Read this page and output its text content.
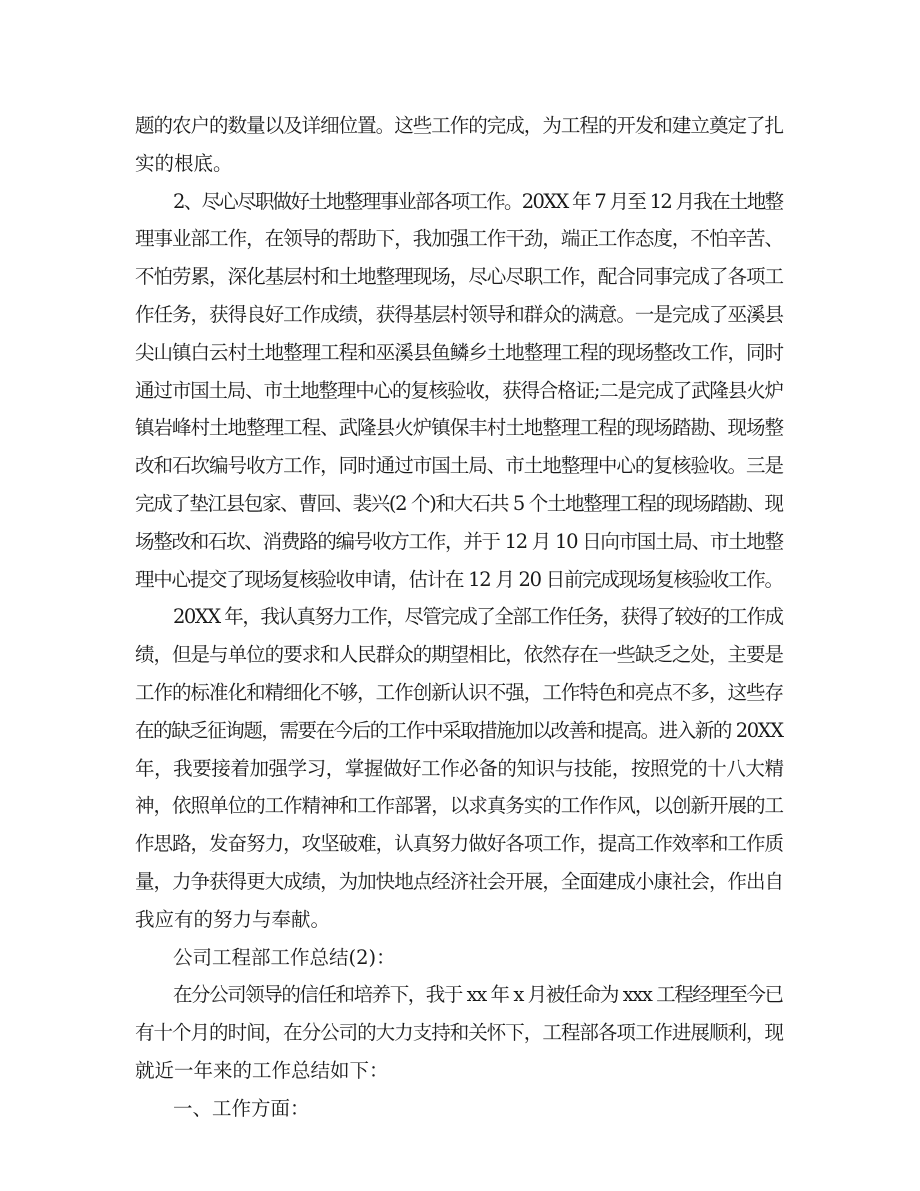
题的农户的数量以及详细位置。这些工作的完成，为工程的开发和建立奠定了扎
实的根底。
2、尽心尽职做好土地整理事业部各项工作。20XX 年 7 月至 12 月我在土地整
理事业部工作，在领导的帮助下，我加强工作干劲，端正工作态度，不怕辛苦、
不怕劳累，深化基层村和土地整理现场，尽心尽职工作，配合同事完成了各项工
作任务，获得良好工作成绩，获得基层村领导和群众的满意。一是完成了巫溪县
尖山镇白云村土地整理工程和巫溪县鱼鳞乡土地整理工程的现场整改工作，同时
通过市国土局、市土地整理中心的复核验收，获得合格证;二是完成了武隆县火炉
镇岩峰村土地整理工程、武隆县火炉镇保丰村土地整理工程的现场踏勘、现场整
改和石坎编号收方工作，同时通过市国土局、市土地整理中心的复核验收。三是
完成了垫江县包家、曹回、裴兴(2 个)和大石共 5 个土地整理工程的现场踏勘、现
场整改和石坎、消费路的编号收方工作，并于 12 月 10 日向市国土局、市土地整
理中心提交了现场复核验收申请，估计在 12 月 20 日前完成现场复核验收工作。
20XX 年，我认真努力工作，尽管完成了全部工作任务，获得了较好的工作成
绩，但是与单位的要求和人民群众的期望相比，依然存在一些缺乏之处，主要是
工作的标准化和精细化不够，工作创新认识不强，工作特色和亮点不多，这些存
在的缺乏征询题，需要在今后的工作中采取措施加以改善和提高。进入新的 20XX
年，我要接着加强学习，掌握做好工作必备的知识与技能，按照党的十八大精
神，依照单位的工作精神和工作部署，以求真务实的工作作风，以创新开展的工
作思路，发奋努力，攻坚破难，认真努力做好各项工作，提高工作效率和工作质
量，力争获得更大成绩，为加快地点经济社会开展，全面建成小康社会，作出自
我应有的努力与奉献。
公司工程部工作总结(2)：
在分公司领导的信任和培养下，我于 xx 年 x 月被任命为 xxx 工程经理至今已
有十个月的时间，在分公司的大力支持和关怀下，工程部各项工作进展顺利，现
就近一年来的工作总结如下：
一、工作方面：
